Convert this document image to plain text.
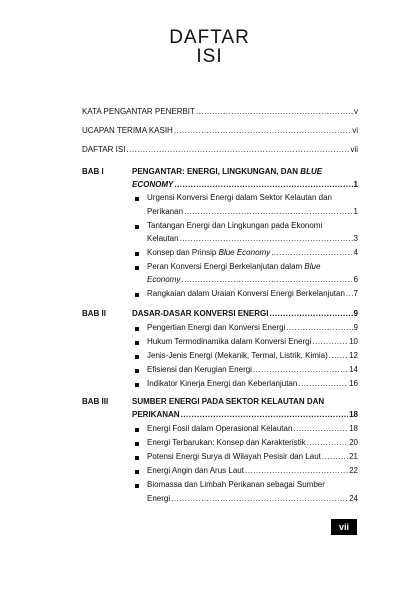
DAFTAR
ISI
KATA PENGANTAR PENERBIT .....	v
UCAPAN TERIMA KASIH .....	vi
DAFTAR ISI .....	vii
BAB I	PENGANTAR: ENERGI, LINGKUNGAN, DAN BLUE
ECONOMY .....	1
Urgensi Konversi Energi dalam Sektor Kelautan dan
Perikanan .....	1
Tantangan Energi dan Lingkungan pada Ekonomi
Kelautan .....	3
Konsep dan Prinsip Blue Economy .....	4
Peran Konversi Energi Berkelanjutan dalam Blue
Economy .....	6
Rangkaian dalam Uraian Konversi Energi Berkelanjutan ..... 7
BAB II	DASAR-DASAR KONVERSI ENERGI .....	9
Pengertian Energi dan Konversi Energi .....	9
Hukum Termodinamika dalam Konversi Energi .....	10
Jenis-Jenis Energi (Mekanik, Termal, Listrik, Kimia) .....	12
Efisiensi dan Kerugian Energi .....	14
Indikator Kinerja Energi dan Keberlanjutan .....	16
BAB III	SUMBER ENERGI PADA SEKTOR KELAUTAN DAN
PERIKANAN .....	18
Energi Fosil dalam Operasional Kelautan .....	18
Energi Terbarukan: Konsep dan Karakteristik .....	20
Potensi Energi Surya di Wilayah Pesisir dan Laut .....	21
Energi Angin dan Arus Laut .....	22
Biomassa dan Limbah Perikanan sebagai Sumber
Energi .....	24
vii
